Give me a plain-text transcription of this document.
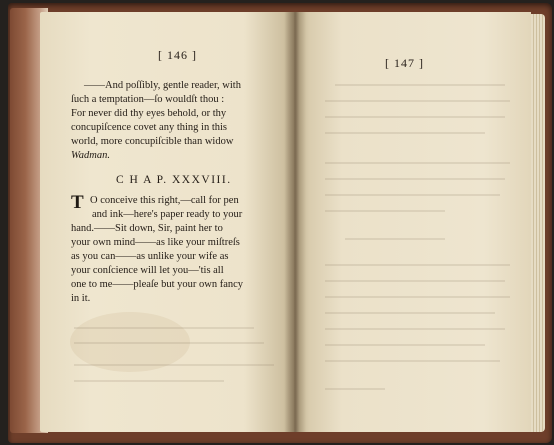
[ 146 ]
——And poſſibly, gentle reader, with
ſuch a temptation—ſo wouldſt thou :
For never did thy eyes behold, or thy
concupiſcence covet any thing in this
world, more concupiſcible than widow
Wadman.
C H A P. XXXVIII.
T O conceive this right,—call for pen
and ink—here's paper ready to your
hand.——Sit down, Sir, paint her to
your own mind——as like your miſtreſs
as you can——as unlike your wife as
your conſcience will let you—'tis all
one to me——pleaſe but your own fancy
in it.
[ 147 ]
